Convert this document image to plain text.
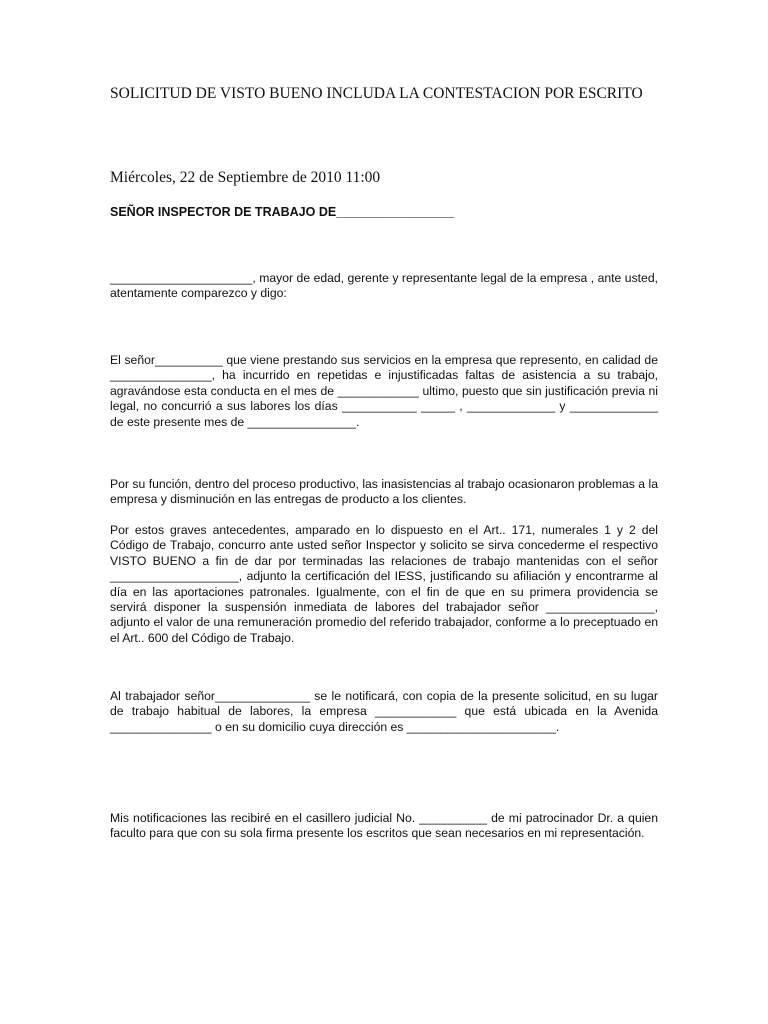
SOLICITUD DE VISTO BUENO INCLUDA LA CONTESTACION POR ESCRITO
Miércoles, 22 de Septiembre de 2010 11:00
SEÑOR INSPECTOR DE TRABAJO DE_________________
_____________________, mayor de edad, gerente y representante legal de la empresa , ante usted, atentamente comparezco y digo:
El señor__________ que viene prestando sus servicios en la empresa que represento, en calidad de _______________, ha incurrido en repetidas e injustificadas faltas de asistencia a su trabajo, agravándose esta conducta en el mes de ____________ ultimo, puesto que sin justificación previa ni legal, no concurrió a sus labores los días ___________ _____ , _____________ y _____________ de este presente mes de ________________.
Por su función, dentro del proceso productivo, las inasistencias al trabajo ocasionaron problemas a la empresa y disminución en las entregas de producto a los clientes.
Por estos graves antecedentes, amparado en lo dispuesto en el Art.. 171, numerales 1 y 2 del Código de Trabajo, concurro ante usted señor Inspector y solicito se sirva concederme el respectivo VISTO BUENO a fin de dar por terminadas las relaciones de trabajo mantenidas con el señor ___________________, adjunto la certificación del IESS, justificando su afiliación y encontrarme al día en las aportaciones patronales. Igualmente, con el fin de que en su primera providencia se servirá disponer la suspensión inmediata de labores del trabajador señor ________________, adjunto el valor de una remuneración promedio del referido trabajador, conforme a lo preceptuado en el Art.. 600 del Código de Trabajo.
Al trabajador señor______________ se le notificará, con copia de la presente solicitud, en su lugar de trabajo habitual de labores, la empresa ____________ que está ubicada en la Avenida _______________ o en su domicilio cuya dirección es ______________________.
Mis notificaciones las recibiré en el casillero judicial No. __________ de mi patrocinador Dr. a quien faculto para que con su sola firma presente los escritos que sean necesarios en mi representación.
